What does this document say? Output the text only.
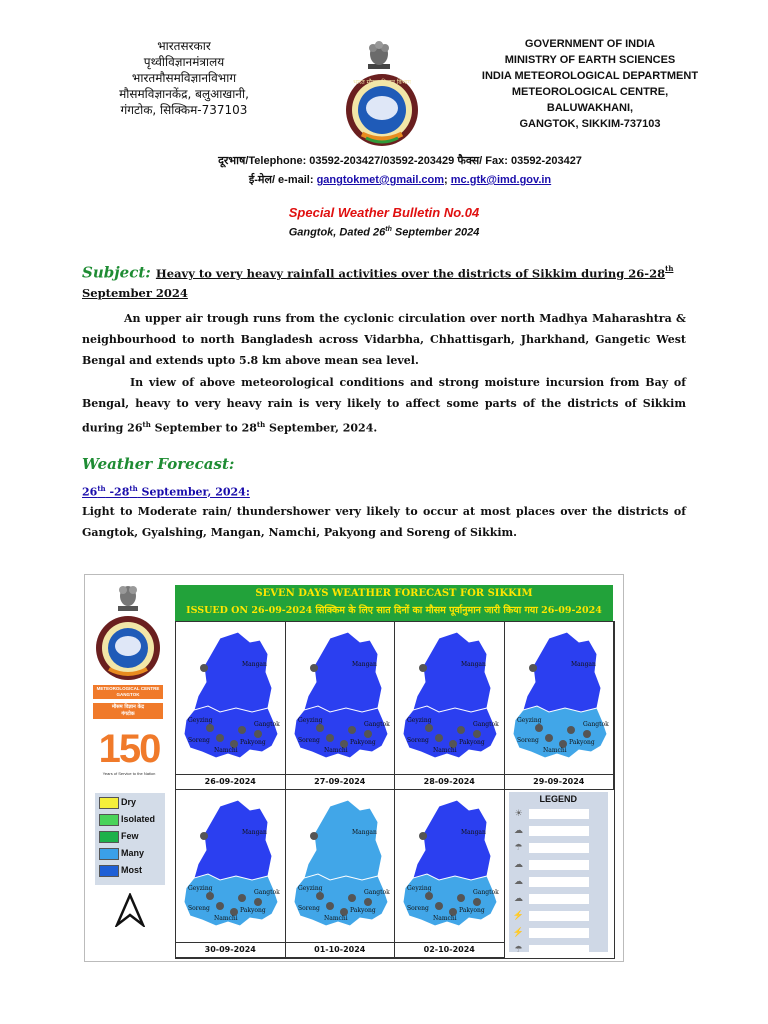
भारत मौसम विज्ञान विभाग
भारतसरकार
पृथ्वीविज्ञानमंत्रालय
भारतमौसमविज्ञानविभाग
मौसमविज्ञानकेंद्र, बलुआखानी,
गंगटोक, सिक्किम-737103
GOVERNMENT OF INDIA
MINISTRY OF EARTH SCIENCES
INDIA METEOROLOGICAL DEPARTMENT
METEOROLOGICAL CENTRE,
BALUWAKHANI,
GANGTOK, SIKKIM-737103
दूरभाष/Telephone: 03592-203427/03592-203429 फैक्स/ Fax: 03592-203427
ई-मेल/ e-mail: gangtokmet@gmail.com; mc.gtk@imd.gov.in
Special Weather Bulletin No.04
Gangtok, Dated 26th September 2024
Subject: Heavy to very heavy rainfall activities over the districts of Sikkim during 26-28th
September 2024
An upper air trough runs from the cyclonic circulation over north Madhya Maharashtra & neighbourhood to north Bangladesh across Vidarbha, Chhattisgarh, Jharkhand, Gangetic West Bengal and extends upto 5.8 km above mean sea level.
In view of above meteorological conditions and strong moisture incursion from Bay of Bengal, heavy to very heavy rain is very likely to affect some parts of the districts of Sikkim during 26th September to 28th September, 2024.
Weather Forecast:
26th -28th September, 2024:
Light to Moderate rain/ thundershower very likely to occur at most places over the districts of Gangtok, Gyalshing, Mangan, Namchi, Pakyong and Soreng of Sikkim.
METEOROLOGICAL CENTRE
GANGTOK
मौसम विज्ञान केंद्र
गंगटोक
150
Years of Service to the Nation
Dry
Isolated
Few
Many
Most
SEVEN DAYS WEATHER FORECAST FOR SIKKIM
ISSUED ON 26-09-2024 सिक्किम के लिए सात दिनों का मौसम पूर्वानुमान जारी किया गया 26-09-2024
Mangan
Geyzing
Gangtok
Namchi
Soreng	Pakyong
26-09-2024
Mangan
Geyzing
Gangtok
Namchi
Soreng	Pakyong
27-09-2024
Mangan
Geyzing
Gangtok
Namchi
Soreng	Pakyong
28-09-2024
Mangan
Geyzing
Gangtok
Namchi
Soreng	Pakyong
29-09-2024
Mangan
Geyzing
Gangtok
Namchi
Soreng	Pakyong
30-09-2024
Mangan
Geyzing
Gangtok
Namchi
Soreng	Pakyong
01-10-2024
Mangan
Geyzing
Gangtok
Namchi
Soreng	Pakyong
02-10-2024
LEGEND
☀
☁
☂
☁
☁
☁
⚡
⚡
☂
